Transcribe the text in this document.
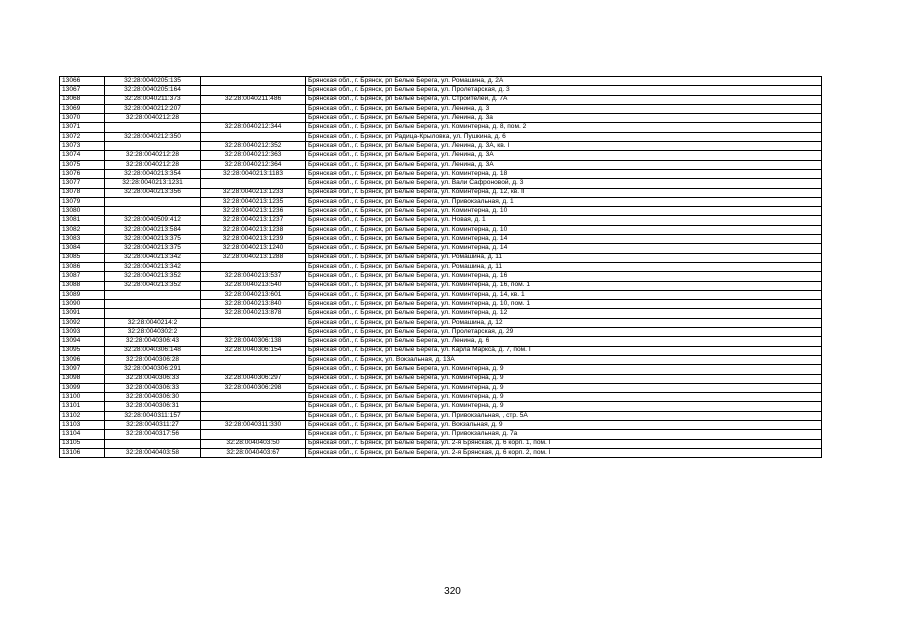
13066	32:28:0040205:135		Брянская обл., г. Брянск, рп Белые Берега, ул. Ромашина, д. 2А
13067	32:28:0040205:164		Брянская обл., г. Брянск, рп Белые Берега, ул. Пролетарская, д. 3
13068	32:28:0040211:373	32:28:0040211:486	Брянская обл., г. Брянск, рп Белые Берега, ул. Строителей, д. 7А
13069	32:28:0040212:207		Брянская обл., г. Брянск, рп Белые Берега, ул. Ленина, д. 3
13070	32:28:0040212:28		Брянская обл., г. Брянск, рп Белые Берега, ул. Ленина, д. 3а
13071		32:28:0040212:344	Брянская обл., г. Брянск, рп Белые Берега, ул. Коминтерна, д. 8, пом. 2
13072	32:28:0040212:350		Брянская обл., г. Брянск, рп Радица-Крыловка, ул. Пушкина, д. 6
13073		32:28:0040212:352	Брянская обл., г. Брянск, рп Белые Берега, ул. Ленина, д. 3А, кв. I
13074	32:28:0040212:28	32:28:0040212:363	Брянская обл., г. Брянск, рп Белые Берега, ул. Ленина, д. 3А
13075	32:28:0040212:28	32:28:0040212:364	Брянская обл., г. Брянск, рп Белые Берега, ул. Ленина, д. 3А
13076	32:28:0040213:354	32:28:0040213:1183	Брянская обл., г. Брянск, рп Белые Берега, ул. Коминтерна, д. 18
13077	32:28:0040213:1231		Брянская обл., г. Брянск, рп Белые Берега, ул. Вали Сафроновой, д. 3
13078	32:28:0040213:356	32:28:0040213:1233	Брянская обл., г. Брянск, рп Белые Берега, ул. Коминтерна, д. 12, кв. II
13079		32:28:0040213:1235	Брянская обл., г. Брянск, рп Белые Берега, ул. Привокзальная, д. 1
13080		32:28:0040213:1236	Брянская обл., г. Брянск, рп Белые Берега, ул. Коминтерна, д. 10
13081	32:28:0040509:412	32:28:0040213:1237	Брянская обл., г. Брянск, рп Белые Берега, ул. Новая, д. 1
13082	32:28:0040213:584	32:28:0040213:1238	Брянская обл., г. Брянск, рп Белые Берега, ул. Коминтерна, д. 10
13083	32:28:0040213:375	32:28:0040213:1239	Брянская обл., г. Брянск, рп Белые Берега, ул. Коминтерна, д. 14
13084	32:28:0040213:375	32:28:0040213:1240	Брянская обл., г. Брянск, рп Белые Берега, ул. Коминтерна, д. 14
13085	32:28:0040213:342	32:28:0040213:1288	Брянская обл., г. Брянск, рп Белые Берега, ул. Ромашина, д. 11
13086	32:28:0040213:342		Брянская обл., г. Брянск, рп Белые Берега, ул. Ромашина, д. 11
13087	32:28:0040213:352	32:28:0040213:537	Брянская обл., г. Брянск, рп Белые Берега, ул. Коминтерна, д. 16
13088	32:28:0040213:352	32:28:0040213:540	Брянская обл., г. Брянск, рп Белые Берега, ул. Коминтерна, д. 16, пом. 1
13089		32:28:0040213:601	Брянская обл., г. Брянск, рп Белые Берега, ул. Коминтерна, д. 14, кв. 1
13090		32:28:0040213:840	Брянская обл., г. Брянск, рп Белые Берега, ул. Коминтерна, д. 10, пом. 1
13091		32:28:0040213:878	Брянская обл., г. Брянск, рп Белые Берега, ул. Коминтерна, д. 12
13092	32:28:0040214:2		Брянская обл., г. Брянск, рп Белые Берега, ул. Ромашина, д. 12
13093	32:28:0040302:2		Брянская обл., г. Брянск, рп Белые Берега, ул. Пролетарская, д. 29
13094	32:28:0040306:43	32:28:0040306:138	Брянская обл., г. Брянск, рп Белые Берега, ул. Ленина, д. 6
13095	32:28:0040306:148	32:28:0040306:154	Брянская обл., г. Брянск, рп Белые Берега, ул. Карла Маркса, д. 7, пом. I
13096	32:28:0040306:28		Брянская обл., г. Брянск, ул. Вокзальная, д. 13А
13097	32:28:0040306:291		Брянская обл., г. Брянск, рп Белые Берега, ул. Коминтерна, д. 9
13098	32:28:0040306:33	32:28:0040306:297	Брянская обл., г. Брянск, рп Белые Берега, ул. Коминтерна, д. 9
13099	32:28:0040306:33	32:28:0040306:298	Брянская обл., г. Брянск, рп Белые Берега, ул. Коминтерна, д. 9
13100	32:28:0040306:30		Брянская обл., г. Брянск, рп Белые Берега, ул. Коминтерна, д. 9
13101	32:28:0040306:31		Брянская обл., г. Брянск, рп Белые Берега, ул. Коминтерна, д. 9
13102	32:28:0040311:157		Брянская обл., г. Брянск, рп Белые Берега, ул. Привокзальная, , стр. 5А
13103	32:28:0040311:27	32:28:0040311:330	Брянская обл., г. Брянск, рп Белые Берега, ул. Вокзальная, д. 9
13104	32:28:0040317:56		Брянская обл., г. Брянск, рп Белые Берега, ул. Привокзальная, д. 7а
13105		32:28:0040403:50	Брянская обл., г. Брянск, рп Белые Берега, ул. 2-я Брянская, д. 6 корп. 1, пом. I
13106	32:28:0040403:58	32:28:0040403:67	Брянская обл., г. Брянск, рп Белые Берега, ул. 2-я Брянская, д. 6 корп. 2, пом. I
320
